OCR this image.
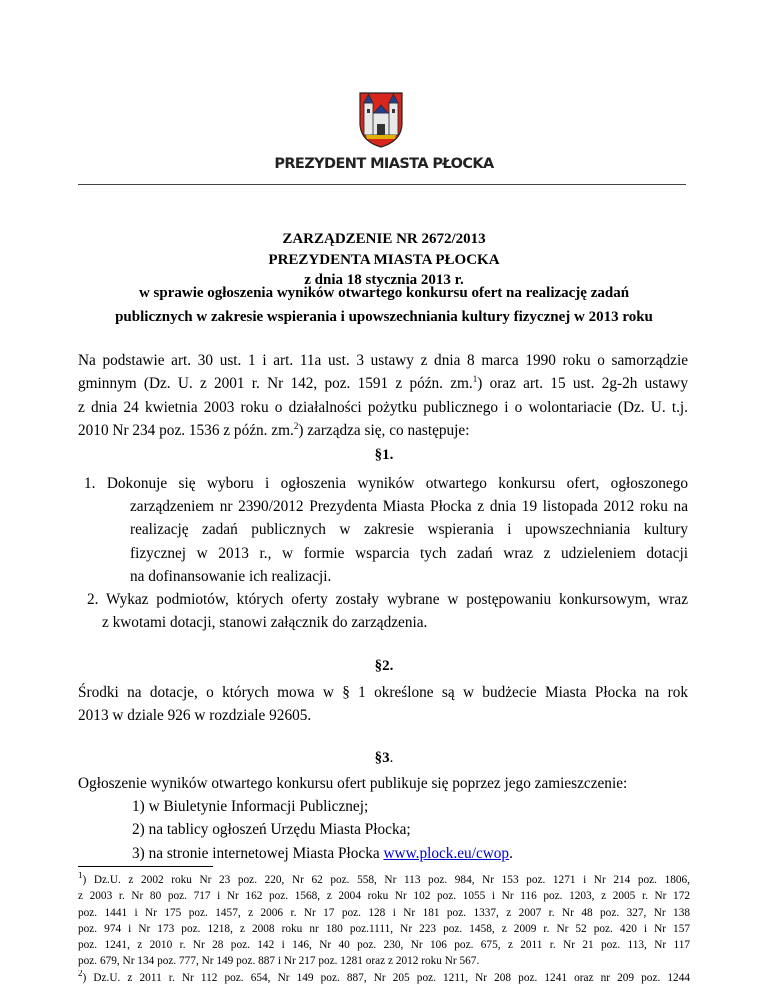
PREZYDENT MIASTA PŁOCKA
ZARZĄDZENIE NR 2672/2013
PREZYDENTA MIASTA PŁOCKA
z dnia 18 stycznia 2013 r.
w sprawie ogłoszenia wyników otwartego konkursu ofert na realizację zadań
publicznych w zakresie wspierania i upowszechniania kultury fizycznej w 2013 roku
Na podstawie art. 30 ust. 1 i art. 11a ust. 3 ustawy z dnia 8 marca 1990 roku o samorządzie
gminnym (Dz. U. z 2001 r. Nr 142, poz. 1591 z późn. zm.$^1$) oraz art. 15 ust. 2g-2h ustawy
z dnia 24 kwietnia 2003 roku o działalności pożytku publicznego i o wolontariacie (Dz. U. t.j.
2010 Nr 234 poz. 1536 z późn. zm.$^2$) zarządza się, co następuje:
§1.
1. Dokonuje się wyboru i ogłoszenia wyników otwartego konkursu ofert, ogłoszonego
zarządzeniem nr 2390/2012 Prezydenta Miasta Płocka z dnia 19 listopada 2012 roku na
realizację zadań publicznych w zakresie wspierania i upowszechniania kultury
fizycznej w 2013 r., w formie wsparcia tych zadań wraz z udzieleniem dotacji
na dofinansowanie ich realizacji.
2. Wykaz podmiotów, których oferty zostały wybrane w postępowaniu konkursowym, wraz
z kwotami dotacji, stanowi załącznik do zarządzenia.
§2.
Środki na dotacje, o których mowa w § 1 określone są w budżecie Miasta Płocka na rok
2013 w dziale 926 w rozdziale 92605.
§3.
Ogłoszenie wyników otwartego konkursu ofert publikuje się poprzez jego zamieszczenie:
1) w Biuletynie Informacji Publicznej;
2) na tablicy ogłoszeń Urzędu Miasta Płocka;
3) na stronie internetowej Miasta Płocka www.plock.eu/cwop.
$^1$) Dz.U. z 2002 roku Nr 23 poz. 220, Nr 62 poz. 558, Nr 113 poz. 984, Nr 153 poz. 1271 i Nr 214 poz. 1806,
z 2003 r. Nr 80 poz. 717 i Nr 162 poz. 1568, z 2004 roku Nr 102 poz. 1055 i Nr 116 poz. 1203, z 2005 r. Nr 172
poz. 1441 i Nr 175 poz. 1457, z 2006 r. Nr 17 poz. 128 i Nr 181 poz. 1337, z 2007 r. Nr 48 poz. 327, Nr 138
poz. 974 i Nr 173 poz. 1218, z 2008 roku nr 180 poz.1111, Nr 223 poz. 1458, z 2009 r. Nr 52 poz. 420 i Nr 157
poz. 1241, z 2010 r. Nr 28 poz. 142 i 146, Nr 40 poz. 230, Nr 106 poz. 675, z 2011 r. Nr 21 poz. 113, Nr 117
poz. 679, Nr 134 poz. 777, Nr 149 poz. 887 i Nr 217 poz. 1281 oraz z 2012 roku Nr 567.
$^2$) Dz.U. z 2011 r. Nr 112 poz. 654, Nr 149 poz. 887, Nr 205 poz. 1211, Nr 208 poz. 1241 oraz nr 209 poz. 1244
